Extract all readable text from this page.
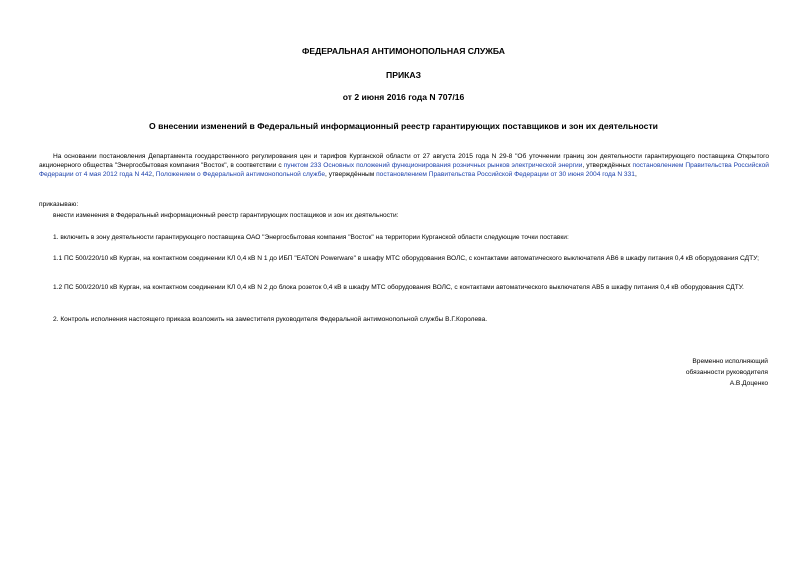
ФЕДЕРАЛЬНАЯ АНТИМОНОПОЛЬНАЯ СЛУЖБА
ПРИКАЗ
от 2 июня 2016 года N 707/16
О внесении изменений в Федеральный информационный реестр гарантирующих поставщиков и зон их деятельности
На основании постановления Департамента государственного регулирования цен и тарифов Курганской области от 27 августа 2015 года N 29-8 "Об уточнении границ зон деятельности гарантирующего поставщика Открытого акционерного общества "Энергосбытовая компания "Восток", в соответствии с пунктом 233 Основных положений функционирования розничных рынков электрической энергии, утверждённых постановлением Правительства Российской Федерации от 4 мая 2012 года N 442, Положением о Федеральной антимонопольной службе, утверждённым постановлением Правительства Российской Федерации от 30 июня 2004 года N 331,
приказываю:
внести изменения в Федеральный информационный реестр гарантирующих постащиков и зон их деятельности:
1. включить в зону деятельности гарантирующего поставщика ОАО "Энергосбытовая компания "Восток" на территории Курганской области следующие точки поставки:
1.1 ПС 500/220/10 кВ Курган, на контактном соединении КЛ 0,4 кВ N 1 до ИБП "EATON Powerware" в шкафу МТС оборудования ВОЛС, с контактами автоматического выключателя АВ6 в шкафу питания 0,4 кВ оборудования СДТУ;
1.2 ПС 500/220/10 кВ Курган, на контактном соединении КЛ 0,4 кВ N 2 до блока розеток 0,4 кВ в шкафу МТС оборудования ВОЛС, с контактами автоматического выключателя АВ5 в шкафу питания 0,4 кВ оборудования СДТУ.
2. Контроль исполнения настоящего приказа возложить на заместителя руководителя Федеральной антимонопольной службы В.Г.Королева.
Временно исполняющий
обязанности руководителя
А.В.Доценко
